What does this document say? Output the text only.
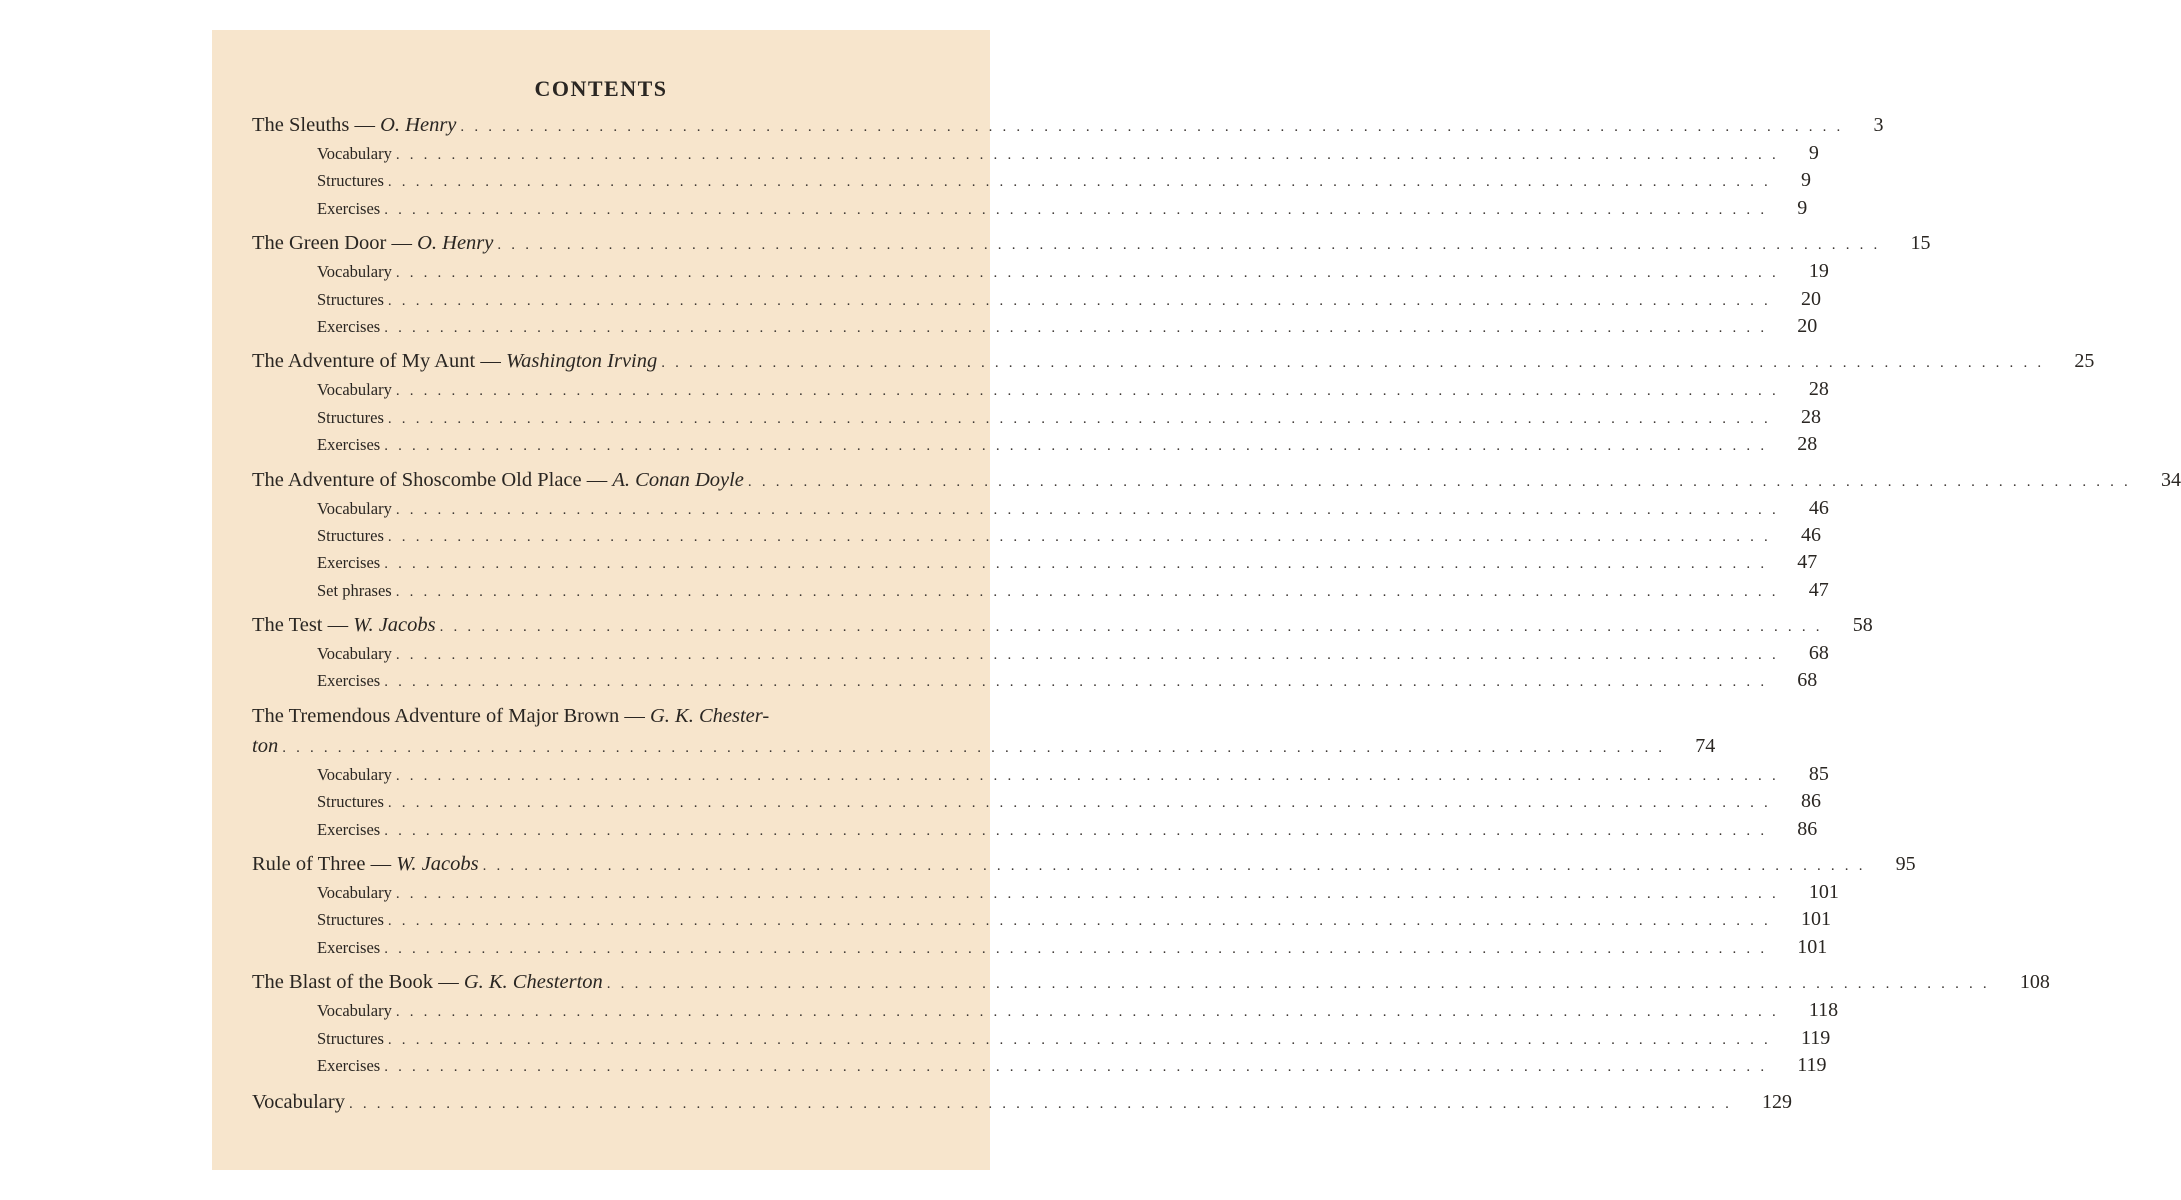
CONTENTS
The Sleuths — O. Henry . . . . . . . . . . . . . . . . . . . . . . . . . . . . . . . . . . . . . . . . . . . . . . . . . . . . . . . . . . . . . . . . . . . . . . . . . . . . . . . . . . . . . . . . . . . . . . . . . . . . 3
Vocabulary . . . . . . . . . . . . . . . . . . . . . . . . . . . . . . . . . . . . . . . . . . . . . . . . . . . . . . . . . . . . . . . . . . . . . . . . . . . . . . . . . . . . . . . . . . . . . . . . . . . . 9
Structures . . . . . . . . . . . . . . . . . . . . . . . . . . . . . . . . . . . . . . . . . . . . . . . . . . . . . . . . . . . . . . . . . . . . . . . . . . . . . . . . . . . . . . . . . . . . . . . . . . . . 9
Exercises . . . . . . . . . . . . . . . . . . . . . . . . . . . . . . . . . . . . . . . . . . . . . . . . . . . . . . . . . . . . . . . . . . . . . . . . . . . . . . . . . . . . . . . . . . . . . . . . . . . . 9
The Green Door — O. Henry . . . . . . . . . . . . . . . . . . . . . . . . . . . . . . . . . . . . . . . . . . . . . . . . . . . . . . . . . . . . . . . . . . . . . . . . . . . . . . . . . . . . . . . . . . . . . . . . . . . . 15
Vocabulary . . . . . . . . . . . . . . . . . . . . . . . . . . . . . . . . . . . . . . . . . . . . . . . . . . . . . . . . . . . . . . . . . . . . . . . . . . . . . . . . . . . . . . . . . . . . . . . . . . . . 19
Structures . . . . . . . . . . . . . . . . . . . . . . . . . . . . . . . . . . . . . . . . . . . . . . . . . . . . . . . . . . . . . . . . . . . . . . . . . . . . . . . . . . . . . . . . . . . . . . . . . . . . 20
Exercises . . . . . . . . . . . . . . . . . . . . . . . . . . . . . . . . . . . . . . . . . . . . . . . . . . . . . . . . . . . . . . . . . . . . . . . . . . . . . . . . . . . . . . . . . . . . . . . . . . . . 20
The Adventure of My Aunt — Washington Irving . . . . . . . . . . . . . . . . . . . . . . . . . . . . . . . . . . . . . . . . . . . . . . . . . . . . . . . . . . . . . . . . . . . . . . . . . . . . . . . . . . . . . . . . . . . . . . . . . . . . 25
Vocabulary . . . . . . . . . . . . . . . . . . . . . . . . . . . . . . . . . . . . . . . . . . . . . . . . . . . . . . . . . . . . . . . . . . . . . . . . . . . . . . . . . . . . . . . . . . . . . . . . . . . . 28
Structures . . . . . . . . . . . . . . . . . . . . . . . . . . . . . . . . . . . . . . . . . . . . . . . . . . . . . . . . . . . . . . . . . . . . . . . . . . . . . . . . . . . . . . . . . . . . . . . . . . . . 28
Exercises . . . . . . . . . . . . . . . . . . . . . . . . . . . . . . . . . . . . . . . . . . . . . . . . . . . . . . . . . . . . . . . . . . . . . . . . . . . . . . . . . . . . . . . . . . . . . . . . . . . . 28
The Adventure of Shoscombe Old Place — A. Conan Doyle . . . . . . . . . . . . . . . . . . . . . . . . . . . . . . . . . . . . . . . . . . . . . . . . . . . . . . . . . . . . . . . . . . . . . . . . . . . . . . . . . . . . . . . . . . . . . . . . . . . . 34
Vocabulary . . . . . . . . . . . . . . . . . . . . . . . . . . . . . . . . . . . . . . . . . . . . . . . . . . . . . . . . . . . . . . . . . . . . . . . . . . . . . . . . . . . . . . . . . . . . . . . . . . . . 46
Structures . . . . . . . . . . . . . . . . . . . . . . . . . . . . . . . . . . . . . . . . . . . . . . . . . . . . . . . . . . . . . . . . . . . . . . . . . . . . . . . . . . . . . . . . . . . . . . . . . . . . 46
Exercises . . . . . . . . . . . . . . . . . . . . . . . . . . . . . . . . . . . . . . . . . . . . . . . . . . . . . . . . . . . . . . . . . . . . . . . . . . . . . . . . . . . . . . . . . . . . . . . . . . . . 47
Set phrases . . . . . . . . . . . . . . . . . . . . . . . . . . . . . . . . . . . . . . . . . . . . . . . . . . . . . . . . . . . . . . . . . . . . . . . . . . . . . . . . . . . . . . . . . . . . . . . . . . . . 47
The Test — W. Jacobs . . . . . . . . . . . . . . . . . . . . . . . . . . . . . . . . . . . . . . . . . . . . . . . . . . . . . . . . . . . . . . . . . . . . . . . . . . . . . . . . . . . . . . . . . . . . . . . . . . . . 58
Vocabulary . . . . . . . . . . . . . . . . . . . . . . . . . . . . . . . . . . . . . . . . . . . . . . . . . . . . . . . . . . . . . . . . . . . . . . . . . . . . . . . . . . . . . . . . . . . . . . . . . . . . 68
Exercises . . . . . . . . . . . . . . . . . . . . . . . . . . . . . . . . . . . . . . . . . . . . . . . . . . . . . . . . . . . . . . . . . . . . . . . . . . . . . . . . . . . . . . . . . . . . . . . . . . . . 68
The Tremendous Adventure of Major Brown — G. K. Chester-
ton . . . . . . . . . . . . . . . . . . . . . . . . . . . . . . . . . . . . . . . . . . . . . . . . . . . . . . . . . . . . . . . . . . . . . . . . . . . . . . . . . . . . . . . . . . . . . . . . . . . . 74
Vocabulary . . . . . . . . . . . . . . . . . . . . . . . . . . . . . . . . . . . . . . . . . . . . . . . . . . . . . . . . . . . . . . . . . . . . . . . . . . . . . . . . . . . . . . . . . . . . . . . . . . . . 85
Structures . . . . . . . . . . . . . . . . . . . . . . . . . . . . . . . . . . . . . . . . . . . . . . . . . . . . . . . . . . . . . . . . . . . . . . . . . . . . . . . . . . . . . . . . . . . . . . . . . . . . 86
Exercises . . . . . . . . . . . . . . . . . . . . . . . . . . . . . . . . . . . . . . . . . . . . . . . . . . . . . . . . . . . . . . . . . . . . . . . . . . . . . . . . . . . . . . . . . . . . . . . . . . . . 86
Rule of Three — W. Jacobs . . . . . . . . . . . . . . . . . . . . . . . . . . . . . . . . . . . . . . . . . . . . . . . . . . . . . . . . . . . . . . . . . . . . . . . . . . . . . . . . . . . . . . . . . . . . . . . . . . . . 95
Vocabulary . . . . . . . . . . . . . . . . . . . . . . . . . . . . . . . . . . . . . . . . . . . . . . . . . . . . . . . . . . . . . . . . . . . . . . . . . . . . . . . . . . . . . . . . . . . . . . . . . . . . 101
Structures . . . . . . . . . . . . . . . . . . . . . . . . . . . . . . . . . . . . . . . . . . . . . . . . . . . . . . . . . . . . . . . . . . . . . . . . . . . . . . . . . . . . . . . . . . . . . . . . . . . . 101
Exercises . . . . . . . . . . . . . . . . . . . . . . . . . . . . . . . . . . . . . . . . . . . . . . . . . . . . . . . . . . . . . . . . . . . . . . . . . . . . . . . . . . . . . . . . . . . . . . . . . . . . 101
The Blast of the Book — G. K. Chesterton . . . . . . . . . . . . . . . . . . . . . . . . . . . . . . . . . . . . . . . . . . . . . . . . . . . . . . . . . . . . . . . . . . . . . . . . . . . . . . . . . . . . . . . . . . . . . . . . . . . . 108
Vocabulary . . . . . . . . . . . . . . . . . . . . . . . . . . . . . . . . . . . . . . . . . . . . . . . . . . . . . . . . . . . . . . . . . . . . . . . . . . . . . . . . . . . . . . . . . . . . . . . . . . . . 118
Structures . . . . . . . . . . . . . . . . . . . . . . . . . . . . . . . . . . . . . . . . . . . . . . . . . . . . . . . . . . . . . . . . . . . . . . . . . . . . . . . . . . . . . . . . . . . . . . . . . . . . 119
Exercises . . . . . . . . . . . . . . . . . . . . . . . . . . . . . . . . . . . . . . . . . . . . . . . . . . . . . . . . . . . . . . . . . . . . . . . . . . . . . . . . . . . . . . . . . . . . . . . . . . . . 119
Vocabulary . . . . . . . . . . . . . . . . . . . . . . . . . . . . . . . . . . . . . . . . . . . . . . . . . . . . . . . . . . . . . . . . . . . . . . . . . . . . . . . . . . . . . . . . . . . . . . . . . . . . 129
